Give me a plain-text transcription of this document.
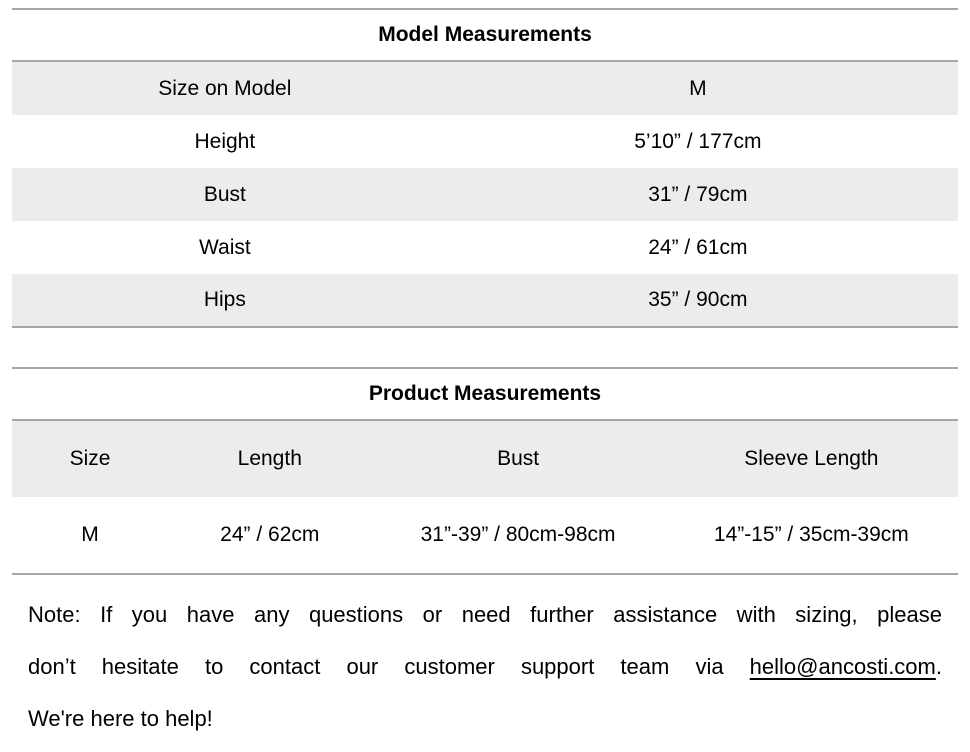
Model Measurements
Size on Model	M
Height	5’10” / 177cm
Bust	31” / 79cm
Waist	24” / 61cm
Hips	35” / 90cm
Product Measurements
Size	Length	Bust	Sleeve Length
M	24” / 62cm	31”-39” / 80cm-98cm	14”-15” / 35cm-39cm

Note: If you have any questions or need further assistance with sizing, please
don’t hesitate to contact our customer support team via hello@ancosti.com.
We're here to help!
